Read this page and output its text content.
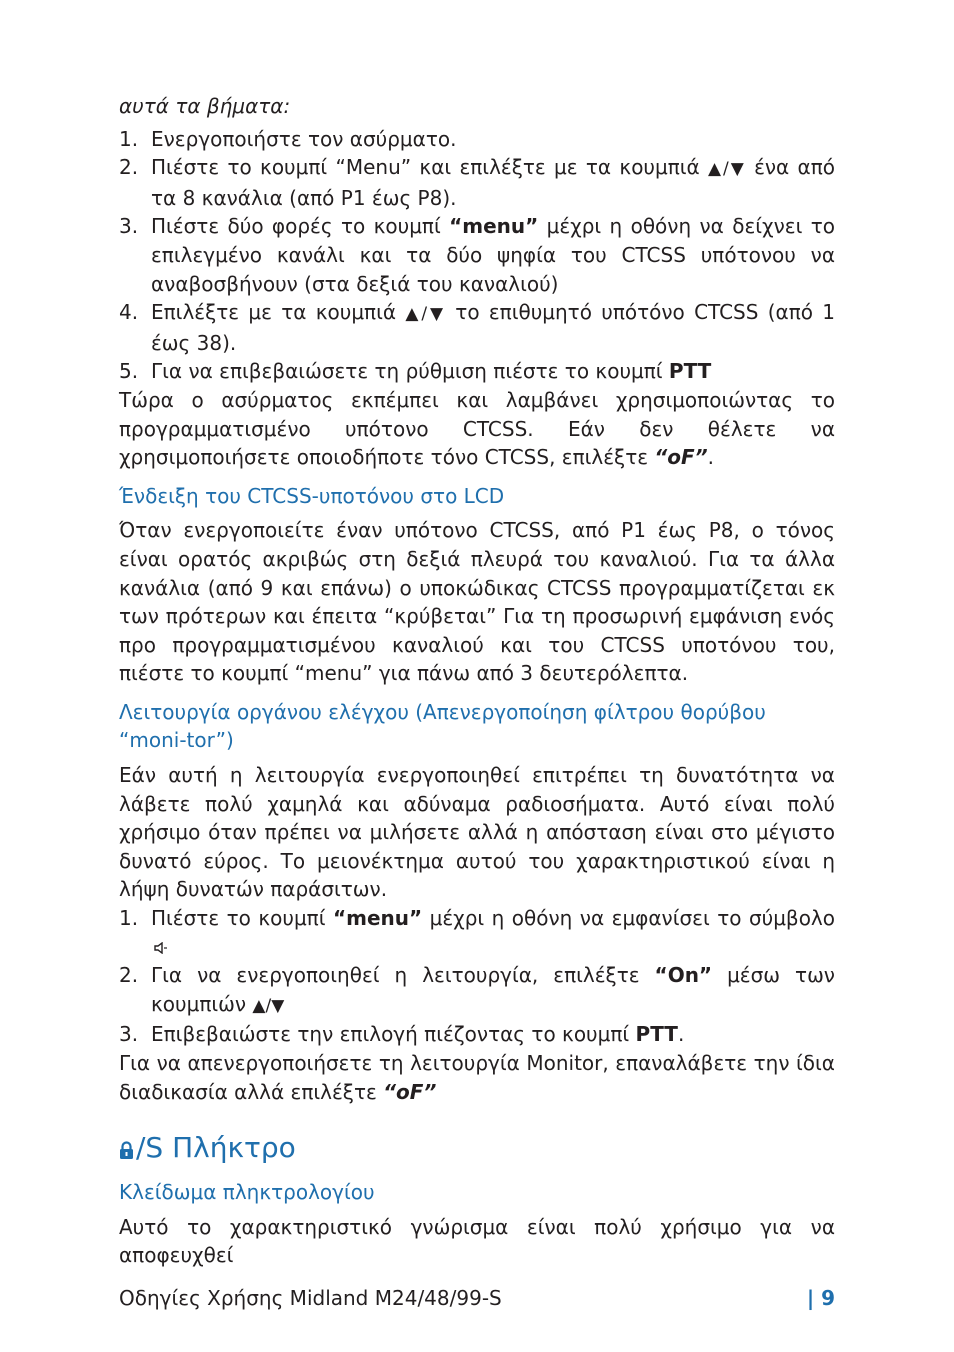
αυτά τα βήματα:

1. Ενεργοποιήστε τον ασύρματο.
2. Πιέστε το κουμπί “Menu” και επιλέξτε με τα κουμπιά ▲/▼ ένα από τα 8 κανάλια (από P1 έως P8).
3. Πιέστε δύο φορές το κουμπί “menu” μέχρι η οθόνη να δείχνει το επιλεγμένο κανάλι και τα δύο ψηφία του CTCSS υπότονου να αναβοσβήνουν (στα δεξιά του καναλιού)
4. Επιλέξτε με τα κουμπιά ▲/▼ το επιθυμητό υπότόνο CTCSS (από 1 έως 38).
5. Για να επιβεβαιώσετε τη ρύθμιση πιέστε το κουμπί PTT

Τώρα ο ασύρματος εκπέμπει και λαμβάνει χρησιμοποιώντας το προγραμματισμένο υπότονο CTCSS. Εάν δεν θέλετε να χρησιμοποιήσετε οποιοδήποτε τόνο CTCSS, επιλέξτε “oF”.

Ένδειξη του CTCSS-υποτόνου στο LCD

Όταν ενεργοποιείτε έναν υπότονο CTCSS, από P1 έως P8, ο τόνος είναι ορατός ακριβώς στη δεξιά πλευρά του καναλιού. Για τα άλλα κανάλια (από 9 και επάνω) ο υποκώδικας CTCSS προγραμματίζεται εκ των πρότερων και έπειτα “κρύβεται” Για τη προσωρινή εμφάνιση ενός προ προγραμματισμένου καναλιού και του CTCSS υποτόνου του, πιέστε το κουμπί “menu” για πάνω από 3 δευτερόλεπτα.

Λειτουργία οργάνου ελέγχου (Απενεργοποίηση φίλτρου θορύβου “moni-tor”)

Εάν αυτή η λειτουργία ενεργοποιηθεί επιτρέπει τη δυνατότητα να λάβετε πολύ χαμηλά και αδύναμα ραδιοσήματα. Αυτό είναι πολύ χρήσιμο όταν πρέπει να μιλήσετε αλλά η απόσταση είναι στο μέγιστο δυνατό εύρος. Το μειονέκτημα αυτού του χαρακτηριστικού είναι η λήψη δυνατών παράσιτων.

1. Πιέστε το κουμπί “menu” μέχρι η οθόνη να εμφανίσει το σύμβολο
2. Για να ενεργοποιηθεί η λειτουργία, επιλέξτε “On” μέσω των κουμπιών ▲/▼
3. Επιβεβαιώστε την επιλογή πιέζοντας το κουμπί PTT.

Για να απενεργοποιήσετε τη λειτουργία Monitor, επαναλάβετε την ίδια διαδικασία αλλά επιλέξτε “oF”

/S Πλήκτρο

Κλείδωμα πληκτρολογίου

Αυτό το χαρακτηριστικό γνώρισμα είναι πολύ χρήσιμο για να αποφευχθεί

Οδηγίες Χρήσης Midland M24/48/99-S	| 9
